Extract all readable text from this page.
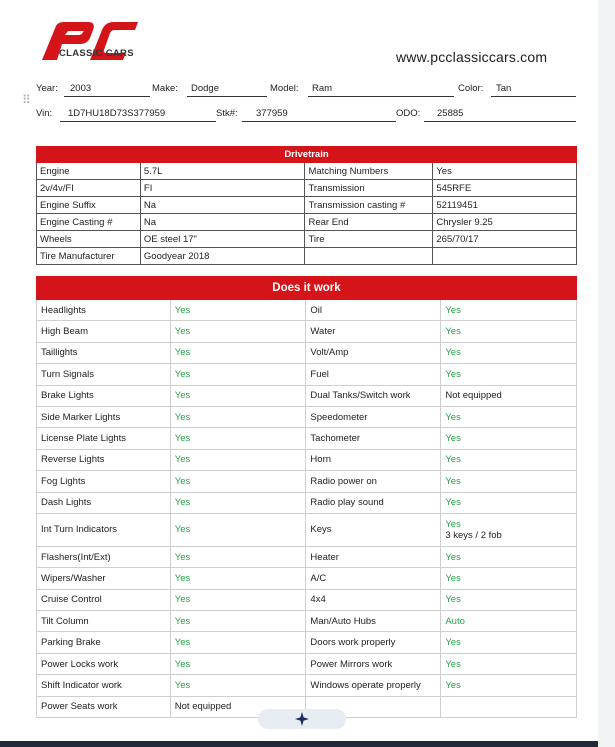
CLASSIC CARS	www.pcclassiccars.com
⠿
Year: 2003	Make: Dodge	Model: Ram	Color: Tan
Vin: 1D7HU18D73S377959	Stk#: 377959	ODO: 25885
Drivetrain			
Engine	5.7L	Matching Numbers	Yes
2v/4v/FI	FI	Transmission	545RFE
Engine Suffix	Na	Transmission casting #	52119451
Engine Casting #	Na	Rear End	Chrysler 9.25
Wheels	OE steel 17"	Tire	265/70/17
Tire Manufacturer	Goodyear 2018		
Does it work			
Headlights	Yes	Oil	Yes
High Beam	Yes	Water	Yes
Taillights	Yes	Volt/Amp	Yes
Turn Signals	Yes	Fuel	Yes
Brake Lights	Yes	Dual Tanks/Switch work	Not equipped
Side Marker Lights	Yes	Speedometer	Yes
License Plate Lights	Yes	Tachometer	Yes
Reverse Lights	Yes	Horn	Yes
Fog Lights	Yes	Radio power on	Yes
Dash Lights	Yes	Radio play sound	Yes
Int Turn Indicators	Yes	Keys	Yes
3 keys / 2 fob

Flashers(Int/Ext)	Yes	Heater	Yes
Wipers/Washer	Yes	A/C	Yes
Cruise Control	Yes	4x4	Yes
Tilt Column	Yes	Man/Auto Hubs	Auto
Parking Brake	Yes	Doors work properly	Yes
Power Locks work	Yes	Power Mirrors work	Yes
Shift Indicator work	Yes	Windows operate properly	Yes
Power Seats work	Not equipped		
